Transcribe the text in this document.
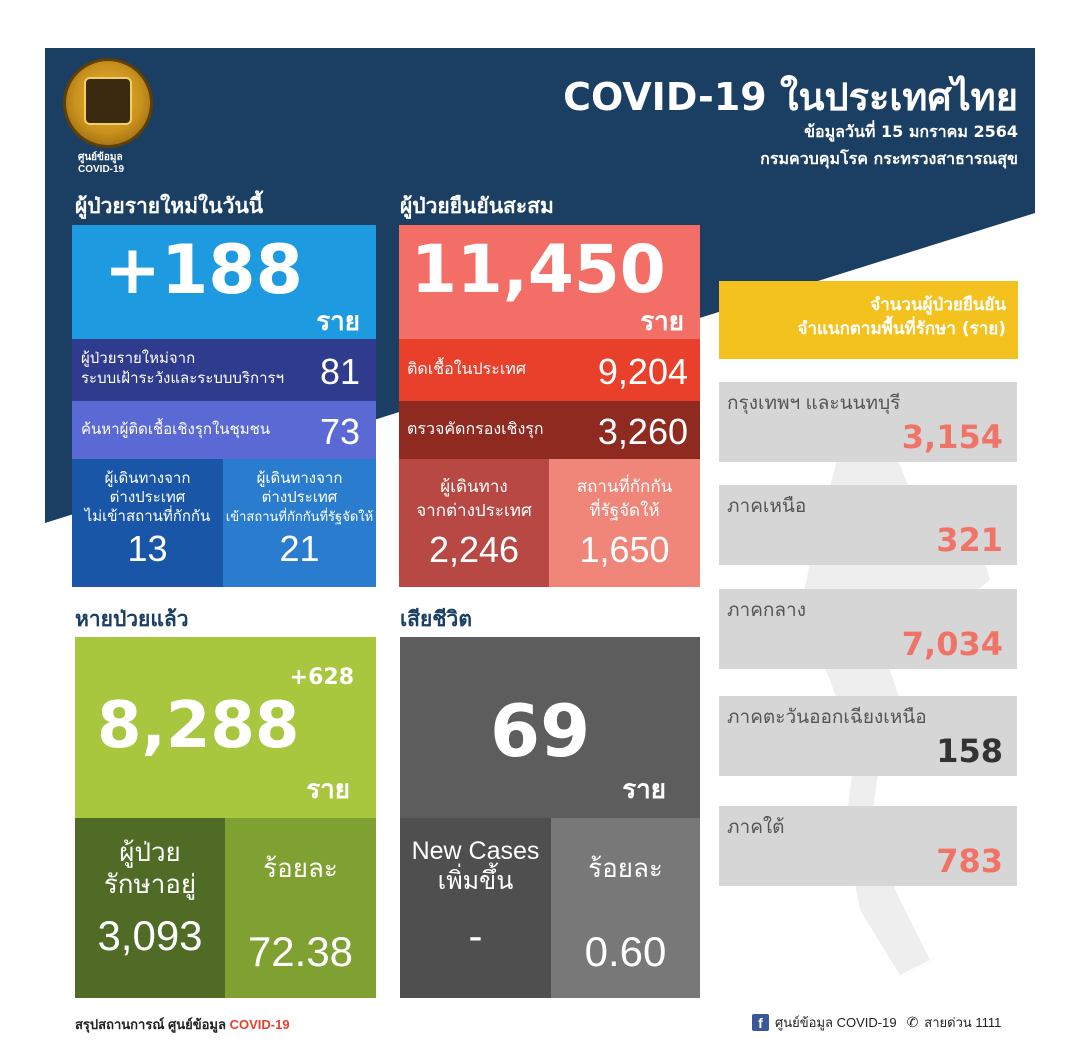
ศูนย์ข้อมูล
COVID-19
COVID-19 ในประเทศไทย
ข้อมูลวันที่ 15 มกราคม 2564
กรมควบคุมโรค กระทรวงสาธารณสุข
ผู้ป่วยรายใหม่ในวันนี้	ผู้ป่วยยืนยันสะสม
+188
ราย
ผู้ป่วยรายใหม่จาก
ระบบเฝ้าระวังและระบบบริการฯ 81
ค้นหาผู้ติดเชื้อเชิงรุกในชุมชน 73
ผู้เดินทางจาก
ต่างประเทศ
ไม่เข้าสถานที่กักกัน
13
ผู้เดินทางจาก
ต่างประเทศ
เข้าสถานที่กักกันที่รัฐจัดให้
21
11,450
ราย
ติดเชื้อในประเทศ 9,204
ตรวจคัดกรองเชิงรุก 3,260
ผู้เดินทาง
จากต่างประเทศ
2,246
สถานที่กักกัน
ที่รัฐจัดให้
1,650
หายป่วยแล้ว
+628
8,288
ราย
ผู้ป่วย
รักษาอยู่
3,093
ร้อยละ
72.38
เสียชีวิต
69
ราย
New Cases
เพิ่มขึ้น
-
ร้อยละ
0.60
จำนวนผู้ป่วยยืนยัน
จำแนกตามพื้นที่รักษา (ราย)
กรุงเทพฯ และนนทบุรี
3,154
ภาคเหนือ
321
ภาคกลาง
7,034
ภาคตะวันออกเฉียงเหนือ
158
ภาคใต้
783
สรุปสถานการณ์ ศูนย์ข้อมูล COVID-19	f ศูนย์ข้อมูล COVID-19 ✆ สายด่วน 1111
